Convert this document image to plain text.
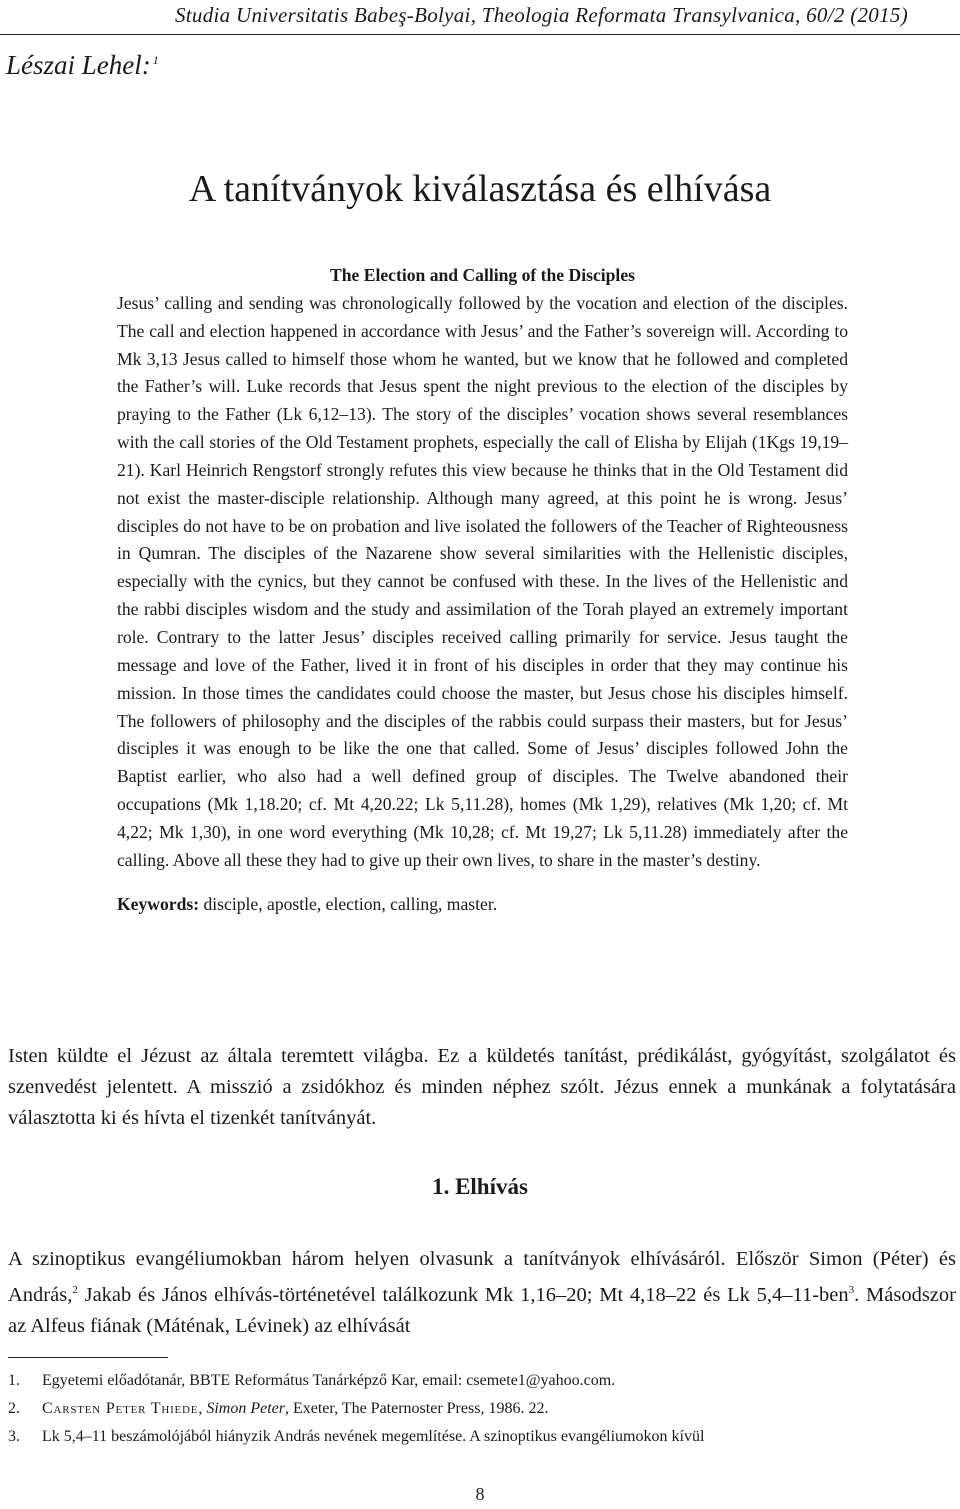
Studia Universitatis Babeş-Bolyai, Theologia Reformata Transylvanica, 60/2 (2015)
Lészai Lehel: $^1$
A tanítványok kiválasztása és elhívása
The Election and Calling of the Disciples
Jesus’ calling and sending was chronologically followed by the vocation and election of the disciples. The call and election happened in accordance with Jesus’ and the Father’s sovereign will. According to Mk 3,13 Jesus called to himself those whom he wanted, but we know that he followed and completed the Father’s will. Luke records that Jesus spent the night previous to the election of the disciples by praying to the Father (Lk 6,12–13). The story of the disciples’ vocation shows several resemblances with the call stories of the Old Testament prophets, especially the call of Elisha by Elijah (1Kgs 19,19–21). Karl Heinrich Rengstorf strongly refutes this view because he thinks that in the Old Testament did not exist the master-disciple relationship. Although many agreed, at this point he is wrong. Jesus’ disciples do not have to be on probation and live isolated the followers of the Teacher of Righteousness in Qumran. The disciples of the Nazarene show several similarities with the Hellenistic disciples, especially with the cynics, but they cannot be confused with these. In the lives of the Hellenistic and the rabbi disciples wisdom and the study and assimilation of the Torah played an extremely important role. Contrary to the latter Jesus’ disciples received calling primarily for service. Jesus taught the message and love of the Father, lived it in front of his disciples in order that they may continue his mission. In those times the candidates could choose the master, but Jesus chose his disciples himself. The followers of philosophy and the disciples of the rabbis could surpass their masters, but for Jesus’ disciples it was enough to be like the one that called. Some of Jesus’ disciples followed John the Baptist earlier, who also had a well defined group of disciples. The Twelve abandoned their occupations (Mk 1,18.20; cf. Mt 4,20.22; Lk 5,11.28), homes (Mk 1,29), relatives (Mk 1,20; cf. Mt 4,22; Mk 1,30), in one word everything (Mk 10,28; cf. Mt 19,27; Lk 5,11.28) immediately after the calling. Above all these they had to give up their own lives, to share in the master’s destiny.
Keywords: disciple, apostle, election, calling, master.
Isten küldte el Jézust az általa teremtett világba. Ez a küldetés tanítást, prédikálást, gyógyítást, szolgálatot és szenvedést jelentett. A misszió a zsidókhoz és minden néphez szólt. Jézus ennek a munkának a folytatására választotta ki és hívta el tizenkét tanítványát.
1. Elhívás
A szinoptikus evangéliumokban három helyen olvasunk a tanítványok elhívásáról. Először Simon (Péter) és András,$^2$ Jakab és János elhívás-történetével találkozunk Mk 1,16–20; Mt 4,18–22 és Lk 5,4–11-ben$^3$. Másodszor az Alfeus fiának (Máténak, Lévinek) az elhívását
1. Egyetemi előadótanár, BBTE Református Tanárképző Kar, email: csemete1@yahoo.com.
2. Carsten Peter Thiede, Simon Peter, Exeter, The Paternoster Press, 1986. 22.
3. Lk 5,4–11 beszámolójából hiányzik András nevének megemlítése. A szinoptikus evangéliumokon kívül
8
